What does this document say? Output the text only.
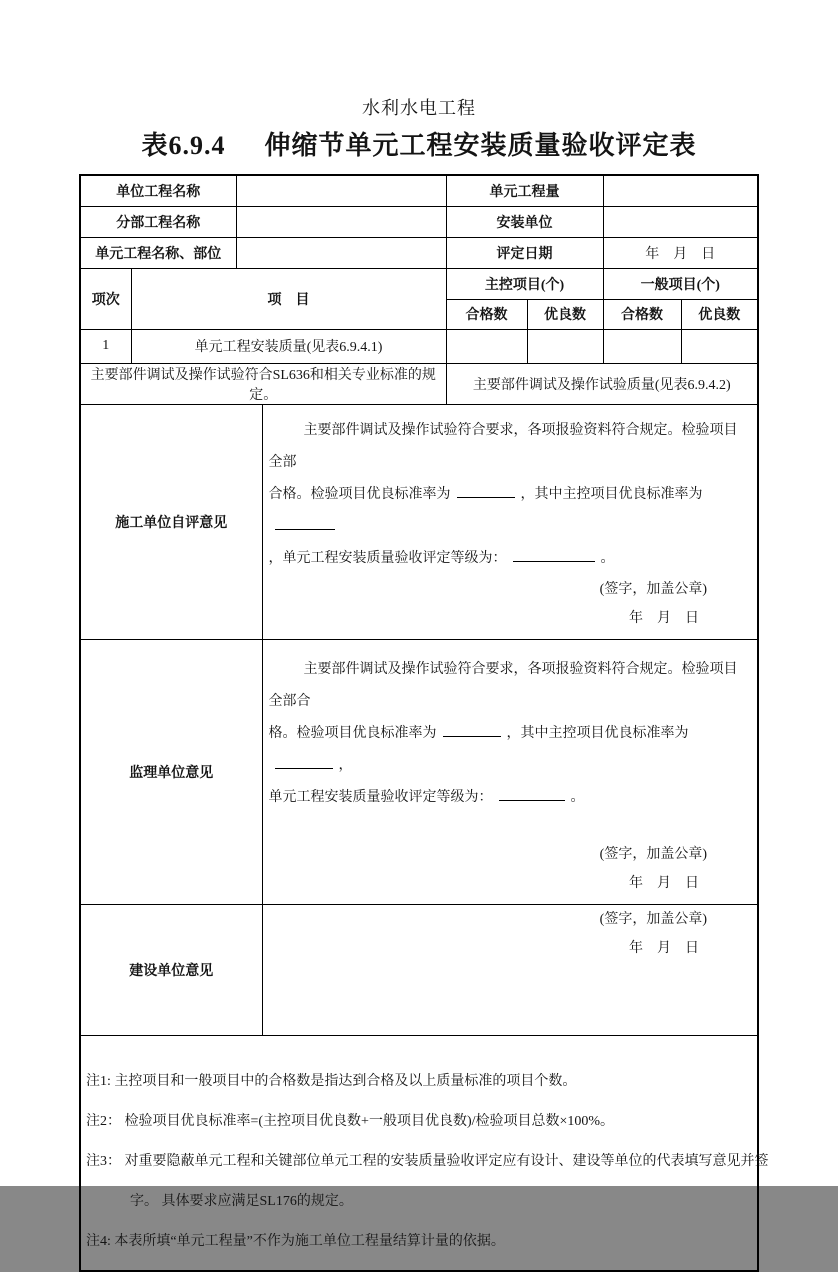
水利水电工程
表6.9.4 伸缩节单元工程安装质量验收评定表
单位工程名称				单元工程量			
分部工程名称				安装单位			
单元工程名称、部位				评定日期		年　月　日	
项次	项　目			主控项目(个)		一般项目(个)	
				合格数	优良数	合格数	优良数
1	单元工程安装质量(见表6.9.4.1)						
主要部件调试及操作试验符合SL636和相关专业标准的规定。				主要部件调试及操作试验质量(见表6.9.4.2)			
施工单位自评意见			主要部件调试及操作试验符合要求，各项报验资料符合规定。检验项目全部
合格。检验项目优良标准率为 ，其中主控项目优良标准率为
，单元工程安装质量验收评定等级为： 。
(签字，加盖公章)
年　月　日				

监理单位意见			主要部件调试及操作试验符合要求，各项报验资料符合规定。检验项目全部合
格。检验项目优良标准率为 ，其中主控项目优良标准率为，
单元工程安装质量验收评定等级为： 。
(签字，加盖公章)
年　月　日				

建设单位意见			(签字，加盖公章)
年　月　日				

注1: 主控项目和一般项目中的合格数是指达到合格及以上质量标准的项目个数。
注2： 检验项目优良标准率=(主控项目优良数+一般项目优良数)/检验项目总数×100%。
注3： 对重要隐蔽单元工程和关键部位单元工程的安装质量验收评定应有设计、建设等单位的代表填写意见并签
字。 具体要求应满足SL176的规定。
注4: 本表所填“单元工程量”不作为施工单位工程量结算计量的依据。							
